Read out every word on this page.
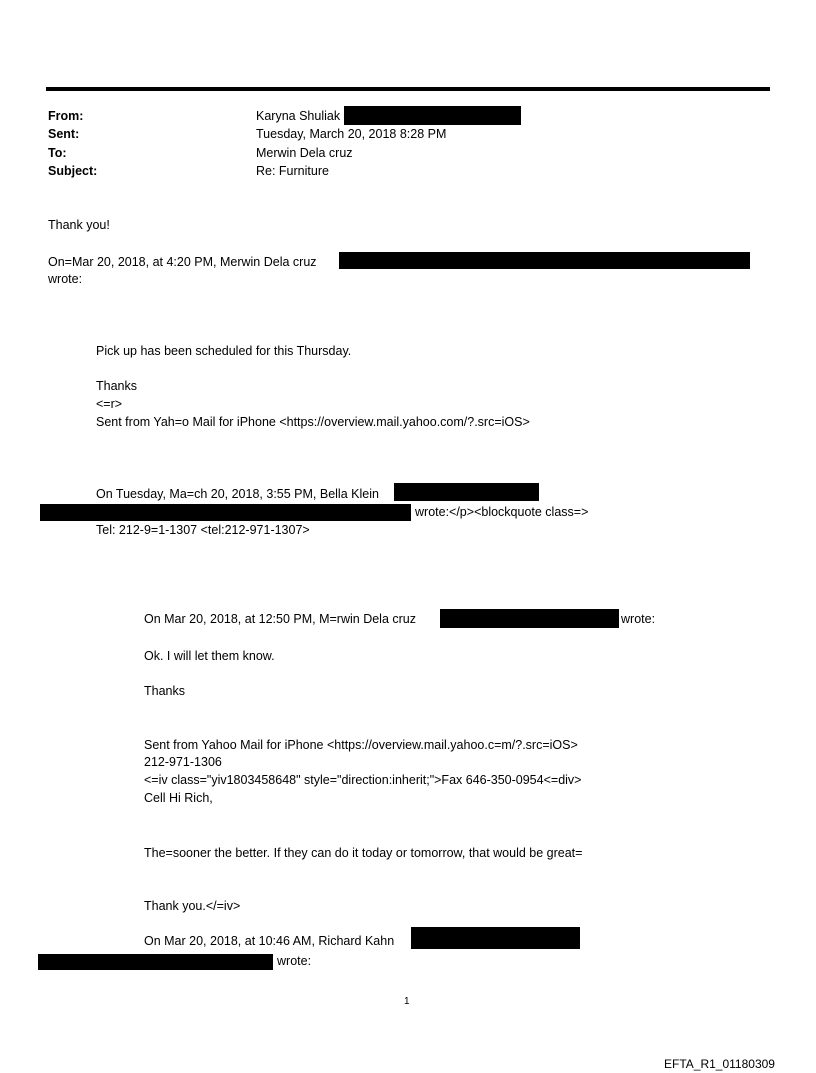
From:	Karyna Shuliak
Sent:	Tuesday, March 20, 2018 8:28 PM
To:	Merwin Dela cruz
Subject:	Re: Furniture
Thank you!
On=Mar 20, 2018, at 4:20 PM, Merwin Dela cruz
wrote:
Pick up has been scheduled for this Thursday.
Thanks
<=r>
Sent from Yah=o Mail for iPhone <https://overview.mail.yahoo.com/?.src=iOS>
On Tuesday, Ma=ch 20, 2018, 3:55 PM, Bella Klein
wrote:</p><blockquote class=>
Tel: 212-9=1-1307 <tel:212-971-1307>
On Mar 20, 2018, at 12:50 PM, M=rwin Dela cruz	wrote:
Ok. I will let them know.
Thanks
Sent from Yahoo Mail for iPhone <https://overview.mail.yahoo.c=m/?.src=iOS>
212-971-1306
<=iv class="yiv1803458648" style="direction:inherit;">Fax 646-350-0954<=div>
Cell Hi Rich,
The=sooner the better. If they can do it today or tomorrow, that would be great=
Thank you.</=iv>
On Mar 20, 2018, at 10:46 AM, Richard Kahn
wrote:
1
EFTA_R1_01180309
